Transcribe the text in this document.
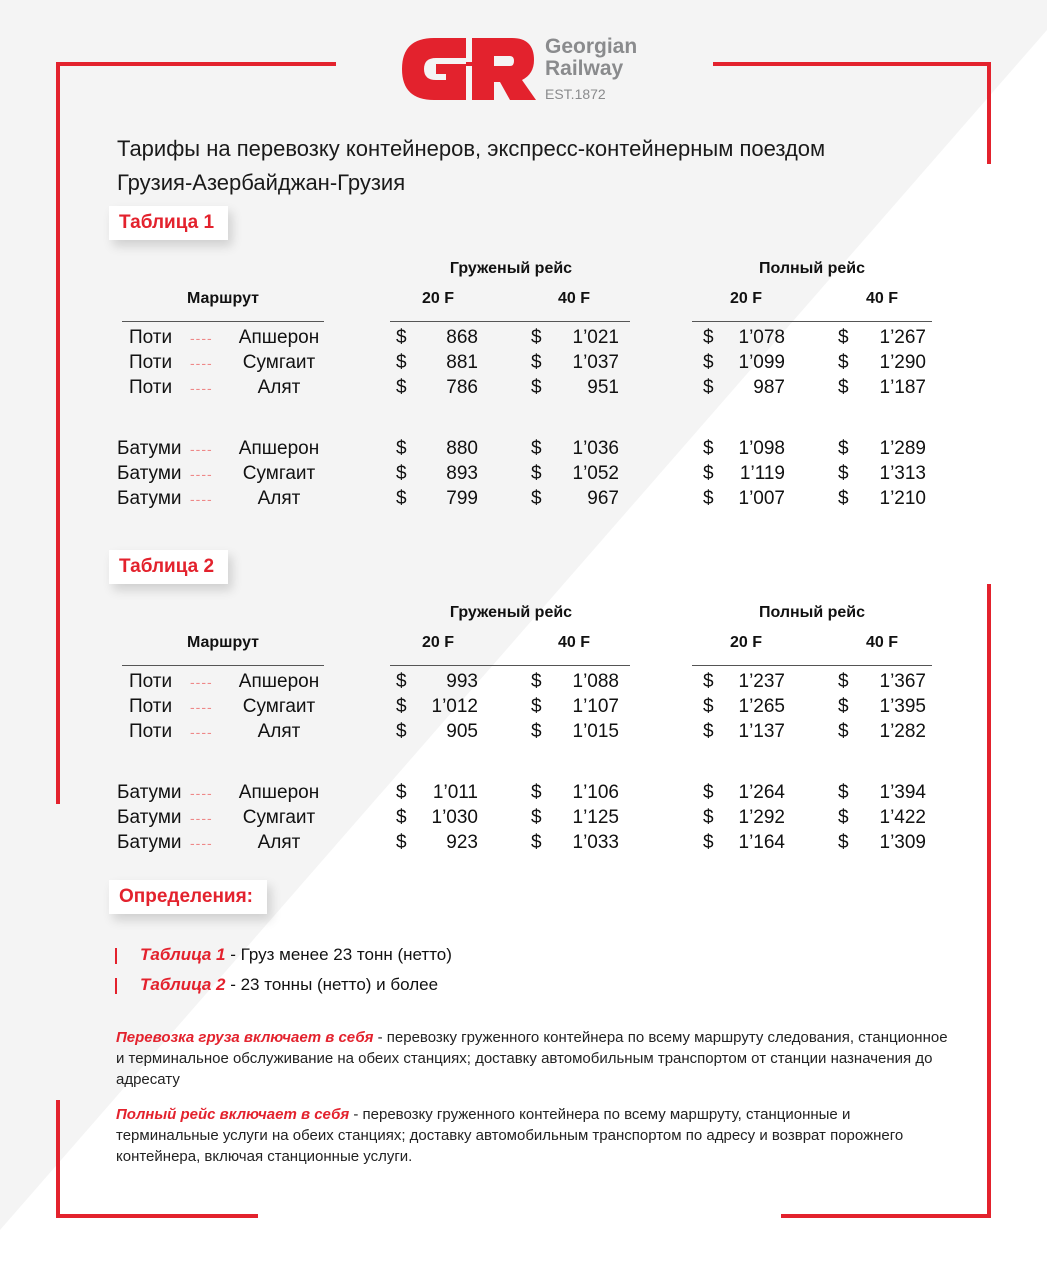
Georgian
Railway
EST.1872
Тарифы на перевозку контейнеров, экспресс-контейнерным поездом
Грузия-Азербайджан-Грузия
Таблица 1
Груженый рейс	Полный рейс
Маршрут	20 F	40 F	20 F	40 F
Поти ----	Апшерон	$	868	$	1’021	$	1’078	$	1’267
Поти ----	Сумгаит	$	881	$	1’037	$	1’099	$	1’290
Поти ----	Алят	$	786	$	951	$	987	$	1’187
Батуми ----	Апшерон	$	880	$	1’036	$	1’098	$	1’289
Батуми ----	Сумгаит	$	893	$	1’052	$	1’119	$	1’313
Батуми ----	Алят	$	799	$	967	$	1’007	$	1’210
Таблица 2
Груженый рейс	Полный рейс
Маршрут	20 F	40 F	20 F	40 F
Поти ----	Апшерон	$	993	$	1’088	$	1’237	$	1’367
Поти ----	Сумгаит	$	1’012	$	1’107	$	1’265	$	1’395
Поти ----	Алят	$	905	$	1’015	$	1’137	$	1’282
Батуми ----	Апшерон	$	1’011	$	1’106	$	1’264	$	1’394
Батуми ----	Сумгаит	$	1’030	$	1’125	$	1’292	$	1’422
Батуми ----	Алят	$	923	$	1’033	$	1’164	$	1’309
Определения:
Таблица 1 - Груз менее 23 тонн (нетто)
Таблица 2 - 23 тонны (нетто) и более
Перевозка груза включает в себя - перевозку груженного контейнера по всему маршруту следования, станционное и терминальное обслуживание на обеих станциях; доставку автомобильным транспортом от станции назначения до адресату
Полный рейс включает в себя - перевозку груженного контейнера по всему маршруту, станционные и терминальные услуги на обеих станциях; доставку автомобильным транспортом по адресу и возврат порожнего контейнера, включая станционные услуги.
